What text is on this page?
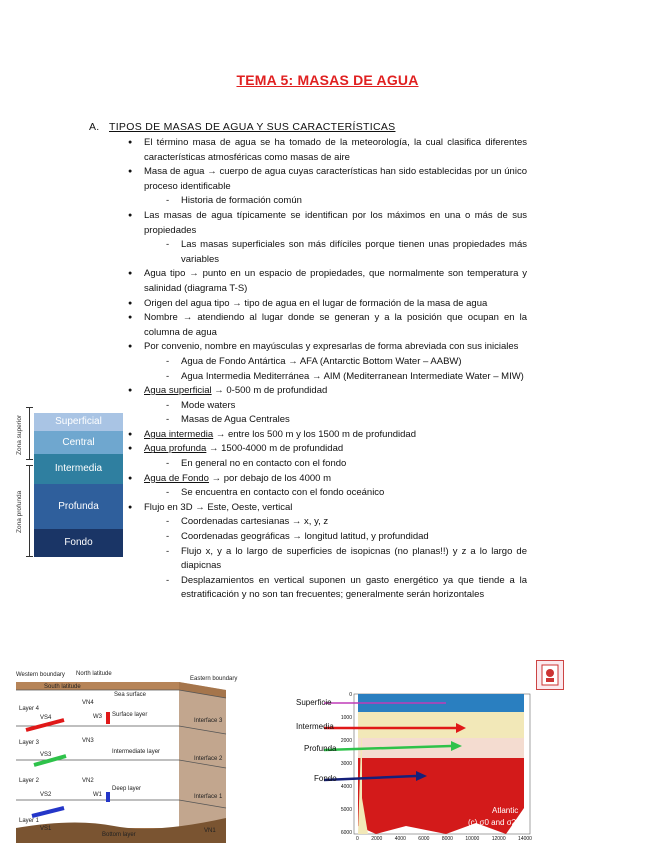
TEMA 5: MASAS DE AGUA
A. TIPOS DE MASAS DE AGUA Y SUS CARACTERÍSTICAS
● El término masa de agua se ha tomado de la meteorología, la cual clasifica diferentes características atmosféricas como masas de aire
● Masa de agua → cuerpo de agua cuyas características han sido establecidas por un único proceso identificable
- Historia de formación común
● Las masas de agua típicamente se identifican por los máximos en una o más de sus propiedades
- Las masas superficiales son más difíciles porque tienen unas propiedades más variables
● Agua tipo → punto en un espacio de propiedades, que normalmente son temperatura y salinidad (diagrama T-S)
● Origen del agua tipo → tipo de agua en el lugar de formación de la masa de agua
● Nombre → atendiendo al lugar donde se generan y a la posición que ocupan en la columna de agua
● Por convenio, nombre en mayúsculas y expresarlas de forma abreviada con sus iniciales
- Agua de Fondo Antártica → AFA (Antarctic Bottom Water – AABW)
- Agua Intermedia Mediterránea → AIM (Mediterranean Intermediate Water – MIW)
● Agua superficial → 0-500 m de profundidad
- Mode waters
- Masas de Agua Centrales
● Agua intermedia → entre los 500 m y los 1500 m de profundidad
● Agua profunda → 1500-4000 m de profundidad
- En general no en contacto con el fondo
● Agua de Fondo → por debajo de los 4000 m
- Se encuentra en contacto con el fondo oceánico
● Flujo en 3D → Este, Oeste, vertical
- Coordenadas cartesianas → x, y, z
- Coordenadas geográficas → longitud latitud, y profundidad
- Flujo x, y a lo largo de superficies de isopicnas (no planas!!) y z a lo largo de diapicnas
- Desplazamientos en vertical suponen un gasto energético ya que tiende a la estratificación y no son tan frecuentes; generalmente serán horizontales
Zona superior
Zona profunda
Superficial
Central
Intermedia
Profunda
Fondo
Western boundary North latitude
South latitude
Sea surface
Eastern boundary
Layer 4
Layer 3
Layer 2
Layer 1
Surface layer
Intermediate layer
Deep layer
Bottom layer
VN4
VS4	W3
VN3
VS3
VN2
VS2	W1
VS1	VN1
Interface 3
Interface 2
Interface 1
Superficie
Intermedia
Profunda
Fondo
Atlantic
(c) σ0 and σ2
0 2000 4000 6000 8000 10000 12000 14000
0
1000
2000
3000
4000
5000
6000
